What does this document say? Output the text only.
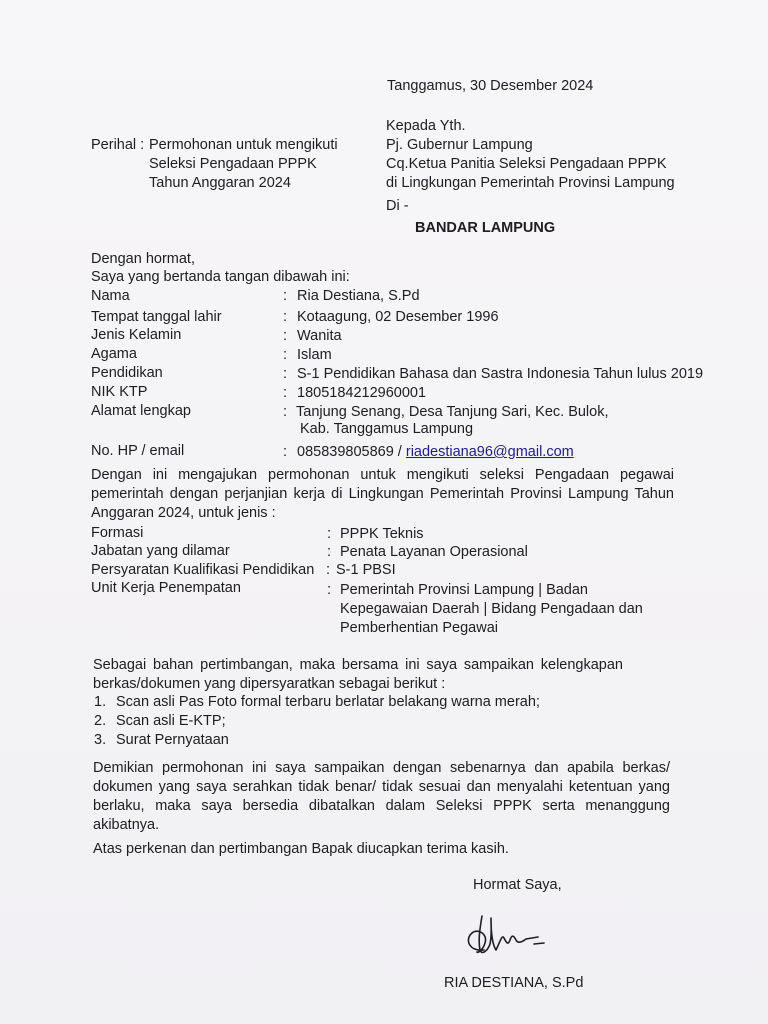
Tanggamus, 30 Desember 2024
Perihal : Permohonan untuk mengikuti
Seleksi Pengadaan PPPK
Tahun Anggaran 2024
Kepada Yth.
Pj. Gubernur Lampung
Cq.Ketua Panitia Seleksi Pengadaan PPPK
di Lingkungan Pemerintah Provinsi Lampung
Di -
BANDAR LAMPUNG
Dengan hormat,
Saya yang bertanda tangan dibawah ini:
Nama	: Ria Destiana, S.Pd
Tempat tanggal lahir	: Kotaagung, 02 Desember 1996
Jenis Kelamin	: Wanita
Agama	: Islam
Pendidikan	: S-1 Pendidikan Bahasa dan Sastra Indonesia Tahun lulus 2019
NIK KTP	: 1805184212960001
Alamat lengkap	: Tanjung Senang, Desa Tanjung Sari, Kec. Bulok,
Kab. Tanggamus Lampung
No. HP / email	: 085839805869 / riadestiana96@gmail.com
Dengan ini mengajukan permohonan untuk mengikuti seleksi Pengadaan pegawai pemerintah dengan perjanjian kerja di Lingkungan Pemerintah Provinsi Lampung Tahun Anggaran 2024, untuk jenis :
Formasi	: PPPK Teknis
Jabatan yang dilamar	: Penata Layanan Operasional
Persyaratan Kualifikasi Pendidikan : S-1 PBSI
Unit Kerja Penempatan	: Pemerintah Provinsi Lampung | Badan
Kepegawaian Daerah | Bidang Pengadaan dan
Pemberhentian Pegawai
Sebagai bahan pertimbangan, maka bersama ini saya sampaikan kelengkapan berkas/dokumen yang dipersyaratkan sebagai berikut :
1. Scan asli Pas Foto formal terbaru berlatar belakang warna merah;
2. Scan asli E-KTP;
3. Surat Pernyataan
Demikian permohonan ini saya sampaikan dengan sebenarnya dan apabila berkas/ dokumen yang saya serahkan tidak benar/ tidak sesuai dan menyalahi ketentuan yang berlaku, maka saya bersedia dibatalkan dalam Seleksi PPPK serta menanggung akibatnya.
Atas perkenan dan pertimbangan Bapak diucapkan terima kasih.
Hormat Saya,
RIA DESTIANA, S.Pd
